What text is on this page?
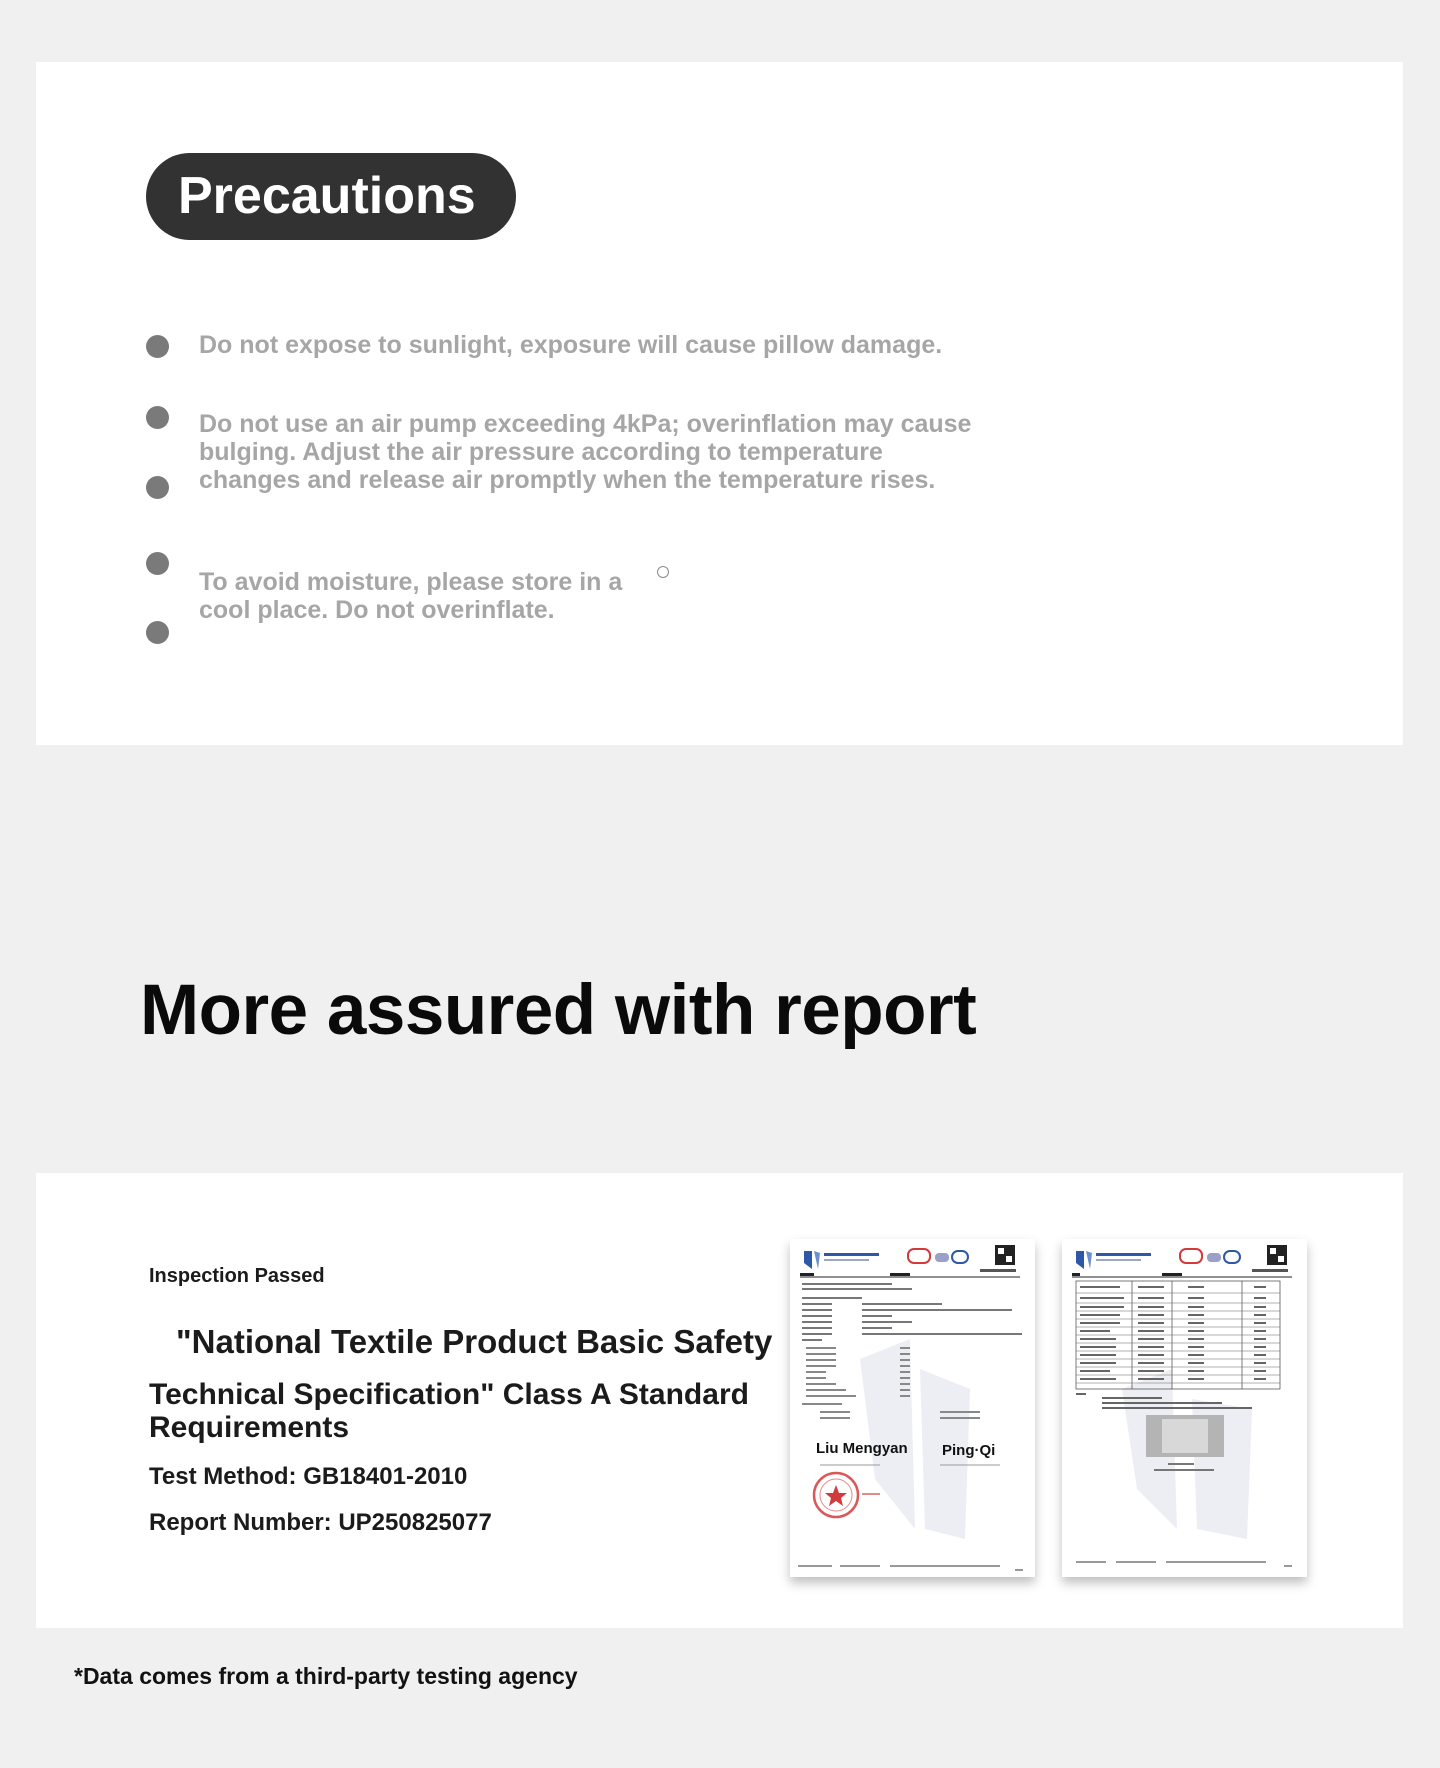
Precautions
Do not expose to sunlight, exposure will cause pillow damage.
Do not use an air pump exceeding 4kPa; overinflation may cause bulging. Adjust the air pressure according to temperature changes and release air promptly when the temperature rises.
To avoid moisture, please store in a cool place. Do not overinflate.
More assured with report
Inspection Passed
"National Textile Product Basic Safety
Technical Specification" Class A Standard Requirements
Test Method: GB18401-2010
Report Number: UP250825077
Liu Mengyan Ping·Qi
*Data comes from a third-party testing agency
